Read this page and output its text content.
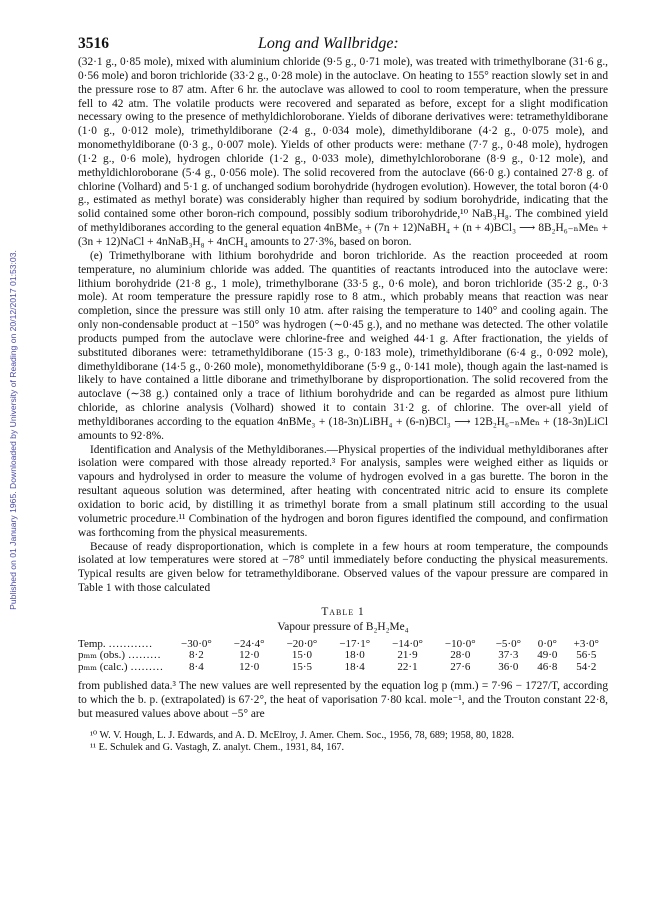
Published on 01 January 1965. Downloaded by University of Reading on 20/12/2017 01:53:03.
3516	Long and Wallbridge:

(32·1 g., 0·85 mole), mixed with aluminium chloride (9·5 g., 0·71 mole), was treated with trimethylborane (31·6 g., 0·56 mole) and boron trichloride (33·2 g., 0·28 mole) in the autoclave. On heating to 155° reaction slowly set in and the pressure rose to 87 atm. After 6 hr. the autoclave was allowed to cool to room temperature, when the pressure fell to 42 atm. The volatile products were recovered and separated as before, except for a slight modification necessary owing to the presence of methyldichloroborane. Yields of diborane derivatives were: tetramethyldiborane (1·0 g., 0·012 mole), trimethyldiborane (2·4 g., 0·034 mole), dimethyldiborane (4·2 g., 0·075 mole), and monomethyldiborane (0·3 g., 0·007 mole). Yields of other products were: methane (7·7 g., 0·48 mole), hydrogen (1·2 g., 0·6 mole), hydrogen chloride (1·2 g., 0·033 mole), dimethylchloroborane (8·9 g., 0·12 mole), and methyldichloroborane (5·4 g., 0·056 mole). The solid recovered from the autoclave (66·0 g.) contained 27·8 g. of chlorine (Volhard) and 5·1 g. of unchanged sodium borohydride (hydrogen evolution). However, the total boron (4·0 g., estimated as methyl borate) was considerably higher than required by sodium borohydride, indicating that the solid contained some other boron-rich compound, possibly sodium triborohydride,¹⁰ NaB₃H₈. The combined yield of methyldiboranes according to the general equation 4nBMe₃ + (7n + 12)NaBH₄ + (n + 4)BCl₃ ⟶ 8B₂H₆₋ₙMeₙ + (3n + 12)NaCl + 4nNaB₃H₈ + 4nCH₄ amounts to 27·3%, based on boron.

(e) Trimethylborane with lithium borohydride and boron trichloride. As the reaction proceeded at room temperature, no aluminium chloride was added. The quantities of reactants introduced into the autoclave were: lithium borohydride (21·8 g., 1 mole), trimethylborane (33·5 g., 0·6 mole), and boron trichloride (35·2 g., 0·3 mole). At room temperature the pressure rapidly rose to 8 atm., which probably means that reaction was near completion, since the pressure was still only 10 atm. after raising the temperature to 140° and cooling again. The only non-condensable product at −150° was hydrogen (∼0·45 g.), and no methane was detected. The other volatile products pumped from the autoclave were chlorine-free and weighed 44·1 g. After fractionation, the yields of substituted diboranes were: tetramethyldiborane (15·3 g., 0·183 mole), trimethyldiborane (6·4 g., 0·092 mole), dimethyldiborane (14·5 g., 0·260 mole), monomethyldiborane (5·9 g., 0·141 mole), though again the last-named is likely to have contained a little diborane and trimethylborane by disproportionation. The solid recovered from the autoclave (∼38 g.) contained only a trace of lithium borohydride and can be regarded as almost pure lithium chloride, as chlorine analysis (Volhard) showed it to contain 31·2 g. of chlorine. The over-all yield of methyldiboranes according to the equation 4nBMe₃ + (18-3n)LiBH₄ + (6-n)BCl₃ ⟶ 12B₂H₆₋ₙMeₙ + (18-3n)LiCl amounts to 92·8%.

Identification and Analysis of the Methyldiboranes.—Physical properties of the individual methyldiboranes after isolation were compared with those already reported.³ For analysis, samples were weighed either as liquids or vapours and hydrolysed in order to measure the volume of hydrogen evolved in a gas burette. The boron in the resultant aqueous solution was determined, after heating with concentrated nitric acid to ensure its complete oxidation to boric acid, by distilling it as trimethyl borate from a small platinum still according to the usual volumetric procedure.¹¹ Combination of the hydrogen and boron figures identified the compound, and confirmation was forthcoming from the physical measurements.

Because of ready disproportionation, which is complete in a few hours at room temperature, the compounds isolated at low temperatures were stored at −78° until immediately before conducting the physical measurements. Typical results are given below for tetramethyldiborane. Observed values of the vapour pressure are compared in Table 1 with those calculated

Table 1
Vapour pressure of B₂H₂Me₄
Temp. …………	−30·0°	−24·4°	−20·0°	−17·1°	−14·0°	−10·0°	−5·0°	0·0°	+3·0°
pₘₘ (obs.) ………	8·2	12·0	15·0	18·0	21·9	28·0	37·3	49·0	56·5
pₘₘ (calc.) ………	8·4	12·0	15·5	18·4	22·1	27·6	36·0	46·8	54·2

from published data.³ The new values are well represented by the equation log p (mm.) = 7·96 − 1727/T, according to which the b. p. (extrapolated) is 67·2°, the heat of vaporisation 7·80 kcal. mole⁻¹, and the Trouton constant 22·8, but measured values above about −5° are

¹⁰ W. V. Hough, L. J. Edwards, and A. D. McElroy, J. Amer. Chem. Soc., 1956, 78, 689; 1958, 80, 1828.

¹¹ E. Schulek and G. Vastagh, Z. analyt. Chem., 1931, 84, 167.
